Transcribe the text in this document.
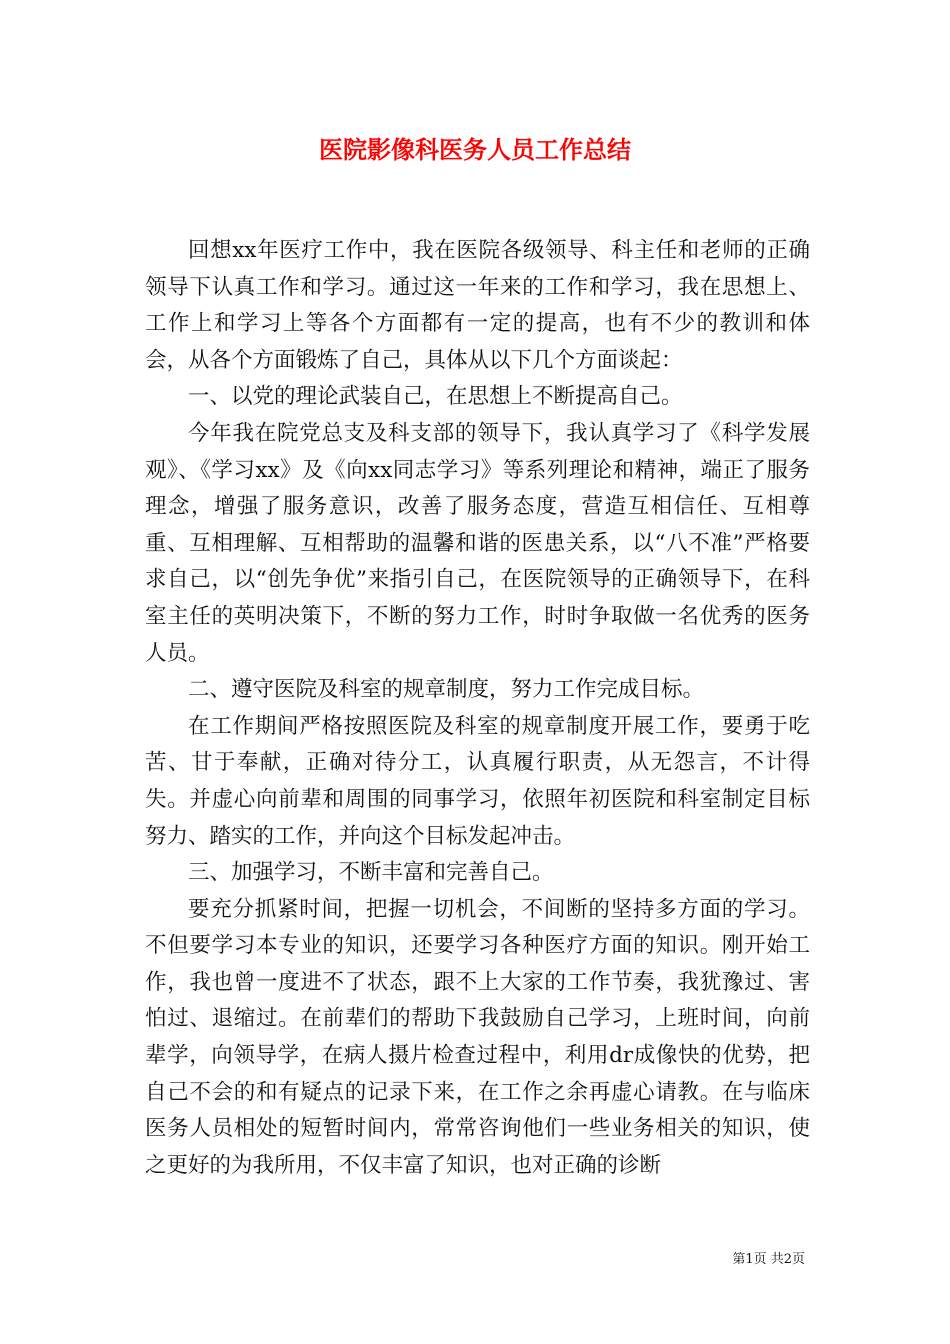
医院影像科医务人员工作总结

回想xx年医疗工作中，我在医院各级领导、科主任和老师的正确领导下认真工作和学习。通过这一年来的工作和学习，我在思想上、工作上和学习上等各个方面都有一定的提高，也有不少的教训和体会，从各个方面锻炼了自己，具体从以下几个方面谈起：

一、以党的理论武装自己，在思想上不断提高自己。

今年我在院党总支及科支部的领导下，我认真学习了《科学发展观》、《学习xx》及《向xx同志学习》等系列理论和精神，端正了服务理念，增强了服务意识，改善了服务态度，营造互相信任、互相尊重、互相理解、互相帮助的温馨和谐的医患关系，以“八不准”严格要求自己，以“创先争优”来指引自己，在医院领导的正确领导下，在科室主任的英明决策下，不断的努力工作，时时争取做一名优秀的医务人员。

二、遵守医院及科室的规章制度，努力工作完成目标。

在工作期间严格按照医院及科室的规章制度开展工作，要勇于吃苦、甘于奉献，正确对待分工，认真履行职责，从无怨言，不计得失。并虚心向前辈和周围的同事学习，依照年初医院和科室制定目标努力、踏实的工作，并向这个目标发起冲击。

三、加强学习，不断丰富和完善自己。

要充分抓紧时间，把握一切机会，不间断的坚持多方面的学习。不但要学习本专业的知识，还要学习各种医疗方面的知识。刚开始工作，我也曾一度进不了状态，跟不上大家的工作节奏，我犹豫过、害怕过、退缩过。在前辈们的帮助下我鼓励自己学习，上班时间，向前辈学，向领导学，在病人摄片检查过程中，利用dr成像快的优势，把自己不会的和有疑点的记录下来，在工作之余再虚心请教。在与临床医务人员相处的短暂时间内，常常咨询他们一些业务相关的知识，使之更好的为我所用，不仅丰富了知识，也对正确的诊断

第1页 共2页
